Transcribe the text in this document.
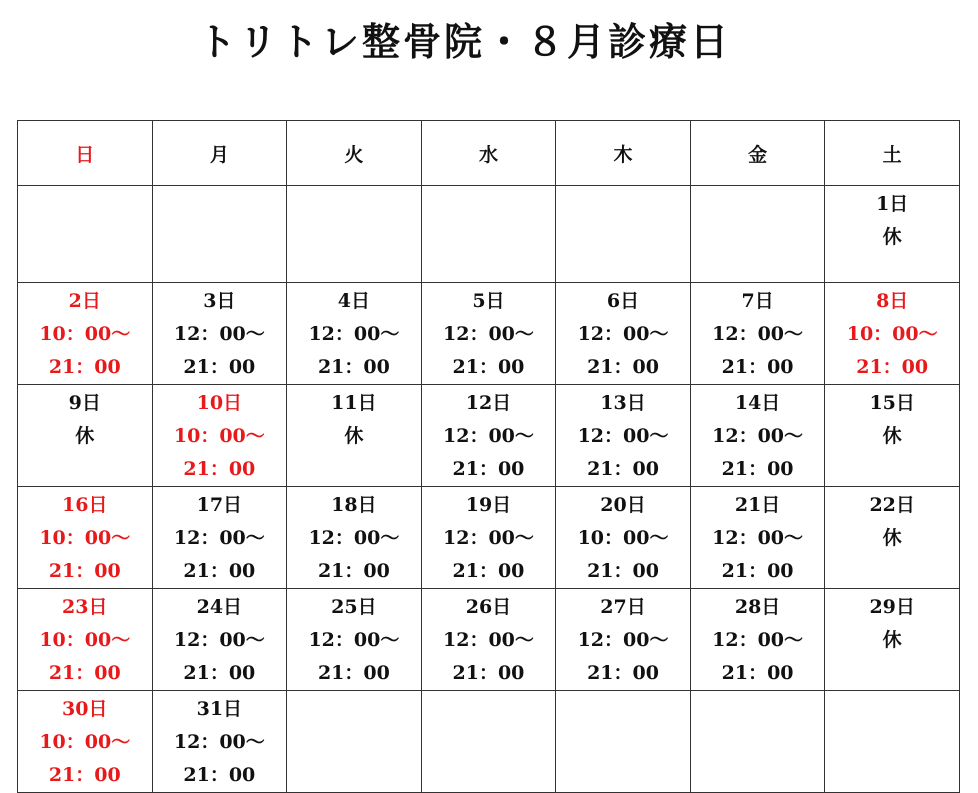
トリトレ整骨院・８月診療日
日	月	火	水	木	金	土

						1日
休

2日
10：00～
21：00	3日
12：00～
21：00	4日
12：00～
21：00	5日
12：00～
21：00	6日
12：00～
21：00	7日
12：00～
21：00	8日
10：00～
21：00

9日
休	10日
10：00～
21：00	11日
休	12日
12：00～
21：00	13日
12：00～
21：00	14日
12：00～
21：00	15日
休

16日
10：00～
21：00	17日
12：00～
21：00	18日
12：00～
21：00	19日
12：00～
21：00	20日
10：00～
21：00	21日
12：00～
21：00	22日
休

23日
10：00～
21：00	24日
12：00～
21：00	25日
12：00～
21：00	26日
12：00～
21：00	27日
12：00～
21：00	28日
12：00～
21：00	29日
休

30日
10：00～
21：00	31日
12：00～
21：00					
